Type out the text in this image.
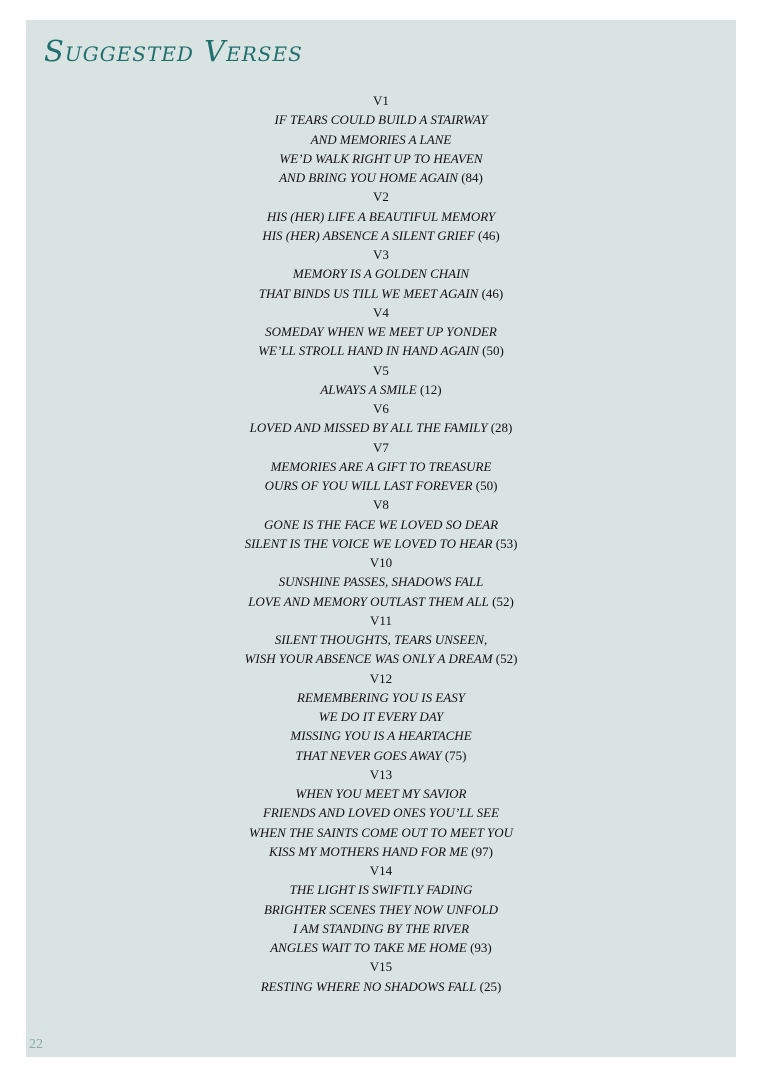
Suggested Verses
V1
IF TEARS COULD BUILD A STAIRWAY
AND MEMORIES A LANE
WE’D WALK RIGHT UP TO HEAVEN
AND BRING YOU HOME AGAIN (84)
V2
HIS (HER) LIFE A BEAUTIFUL MEMORY
HIS (HER) ABSENCE A SILENT GRIEF (46)
V3
MEMORY IS A GOLDEN CHAIN
THAT BINDS US TILL WE MEET AGAIN (46)
V4
SOMEDAY WHEN WE MEET UP YONDER
WE’LL STROLL HAND IN HAND AGAIN (50)
V5
ALWAYS A SMILE (12)
V6
LOVED AND MISSED BY ALL THE FAMILY (28)
V7
MEMORIES ARE A GIFT TO TREASURE
OURS OF YOU WILL LAST FOREVER (50)
V8
GONE IS THE FACE WE LOVED SO DEAR
SILENT IS THE VOICE WE LOVED TO HEAR (53)
V10
SUNSHINE PASSES, SHADOWS FALL
LOVE AND MEMORY OUTLAST THEM ALL (52)
V11
SILENT THOUGHTS, TEARS UNSEEN,
WISH YOUR ABSENCE WAS ONLY A DREAM (52)
V12
REMEMBERING YOU IS EASY
WE DO IT EVERY DAY
MISSING YOU IS A HEARTACHE
THAT NEVER GOES AWAY (75)
V13
WHEN YOU MEET MY SAVIOR
FRIENDS AND LOVED ONES YOU’LL SEE
WHEN THE SAINTS COME OUT TO MEET YOU
KISS MY MOTHERS HAND FOR ME (97)
V14
THE LIGHT IS SWIFTLY FADING
BRIGHTER SCENES THEY NOW UNFOLD
I AM STANDING BY THE RIVER
ANGLES WAIT TO TAKE ME HOME (93)
V15
RESTING WHERE NO SHADOWS FALL (25)
22
